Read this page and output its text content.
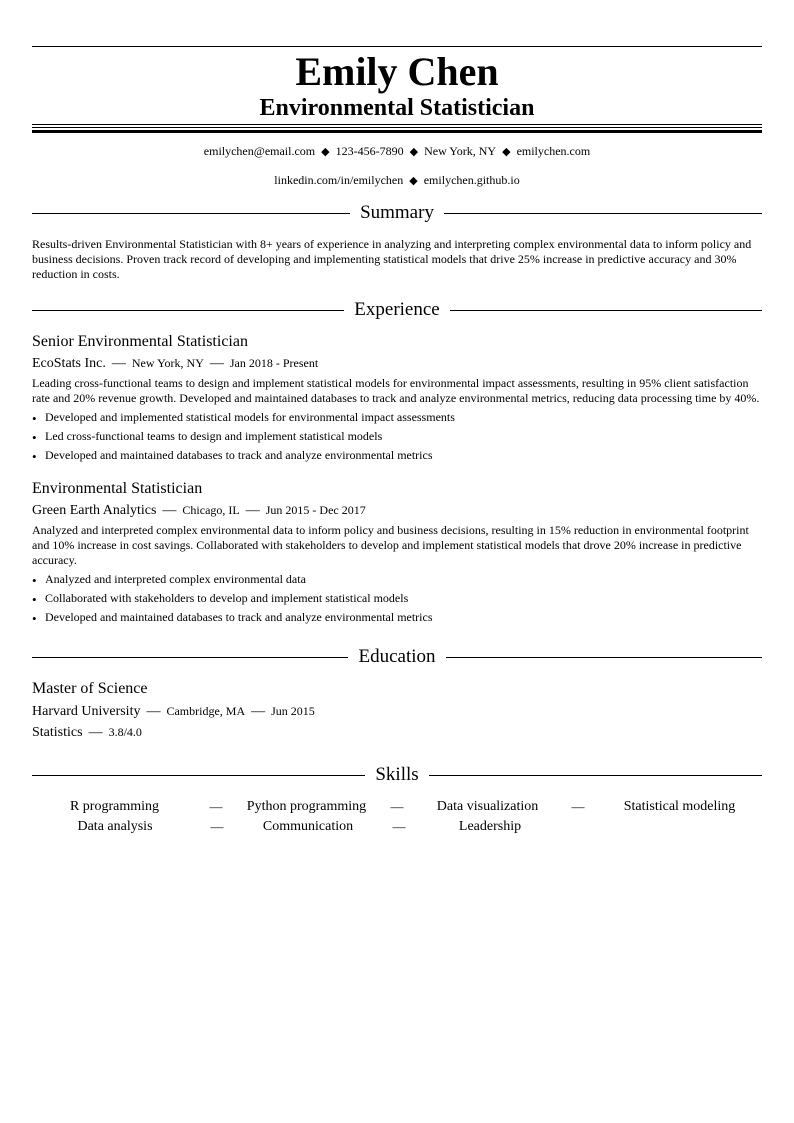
Emily Chen
Environmental Statistician
emilychen@email.com ◆ 123-456-7890 ◆ New York, NY ◆ emilychen.com
linkedin.com/in/emilychen ◆ emilychen.github.io
Summary
Results-driven Environmental Statistician with 8+ years of experience in analyzing and interpreting complex environmental data to inform policy and business decisions. Proven track record of developing and implementing statistical models that drive 25% increase in predictive accuracy and 30% reduction in costs.
Experience
Senior Environmental Statistician
EcoStats Inc. — New York, NY — Jan 2018 - Present
Leading cross-functional teams to design and implement statistical models for environmental impact assessments, resulting in 95% client satisfaction rate and 20% revenue growth. Developed and maintained databases to track and analyze environmental metrics, reducing data processing time by 40%.
• Developed and implemented statistical models for environmental impact assessments
• Led cross-functional teams to design and implement statistical models
• Developed and maintained databases to track and analyze environmental metrics
Environmental Statistician
Green Earth Analytics — Chicago, IL — Jun 2015 - Dec 2017
Analyzed and interpreted complex environmental data to inform policy and business decisions, resulting in 15% reduction in environmental footprint and 10% increase in cost savings. Collaborated with stakeholders to develop and implement statistical models that drove 20% increase in predictive accuracy.
• Analyzed and interpreted complex environmental data
• Collaborated with stakeholders to develop and implement statistical models
• Developed and maintained databases to track and analyze environmental metrics
Education
Master of Science
Harvard University — Cambridge, MA — Jun 2015
Statistics — 3.8/4.0
Skills
R programming	—	Python programming	—	Data visualization	—	Statistical modeling
Data analysis	—	Communication	—	Leadership
